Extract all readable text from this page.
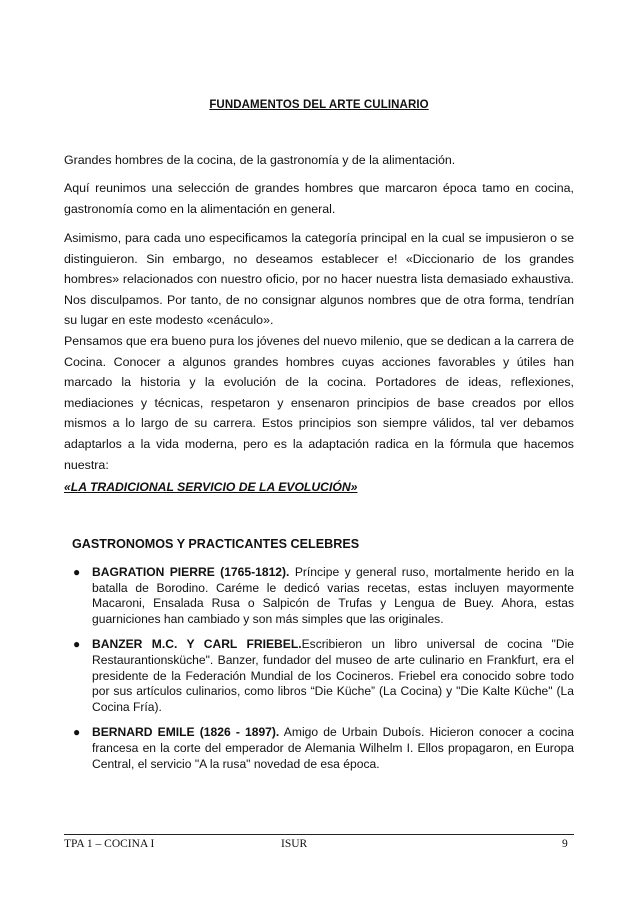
FUNDAMENTOS DEL ARTE CULINARIO

Grandes hombres de la cocina, de la gastronomía y de la alimentación.

Aquí reunimos una selección de grandes hombres que marcaron época tamo en cocina, gastronomía como en la alimentación en general.

Asimismo, para cada uno especificamos la categoría principal en la cual se impusieron o se distinguieron. Sin embargo, no deseamos establecer e! «Diccionario de los grandes hombres» relacionados con nuestro oficio, por no hacer nuestra lista demasiado exhaustiva. Nos disculpamos. Por tanto, de no consignar algunos nombres que de otra forma, tendrían su lugar en este modesto «cenáculo».

Pensamos que era bueno pura los jóvenes del nuevo milenio, que se dedican a la carrera de Cocina. Conocer a algunos grandes hombres cuyas acciones favorables y útiles han marcado la historia y la evolución de la cocina. Portadores de ideas, reflexiones, mediaciones y técnicas, respetaron y ensenaron principios de base creados por ellos mismos a lo largo de su carrera. Estos principios son siempre válidos, tal ver debamos adaptarlos a la vida moderna, pero es la adaptación radica en la fórmula que hacemos nuestra:

«LA TRADICIONAL SERVICIO DE LA EVOLUCIÓN»
GASTRONOMOS Y PRACTICANTES CELEBRES
● BAGRATION PIERRE (1765-1812). Príncipe y general ruso, mortalmente herido en la batalla de Borodino. Caréme le dedicó varias recetas, estas incluyen mayormente Macaroni, Ensalada Rusa o Salpicón de Trufas y Lengua de Buey. Ahora, estas guarniciones han cambiado y son más simples que las originales.
● BANZER M.C. Y CARL FRIEBEL.Escribieron un libro universal de cocina "Die Restaurantionsküche". Banzer, fundador del museo de arte culinario en Frankfurt, era el presidente de la Federación Mundial de los Cocineros. Friebel era conocido sobre todo por sus artículos culinarios, como libros “Die Küche” (La Cocina) y "Die Kalte Küche" (La Cocina Fría).
● BERNARD EMILE (1826 - 1897). Amigo de Urbain Duboís. Hicieron conocer a cocina francesa en la corte del emperador de Alemania Wilhelm I. Ellos propagaron, en Europa Central, el servicio "A la rusa" novedad de esa época.
TPA 1 – COCINA I	ISUR	9
